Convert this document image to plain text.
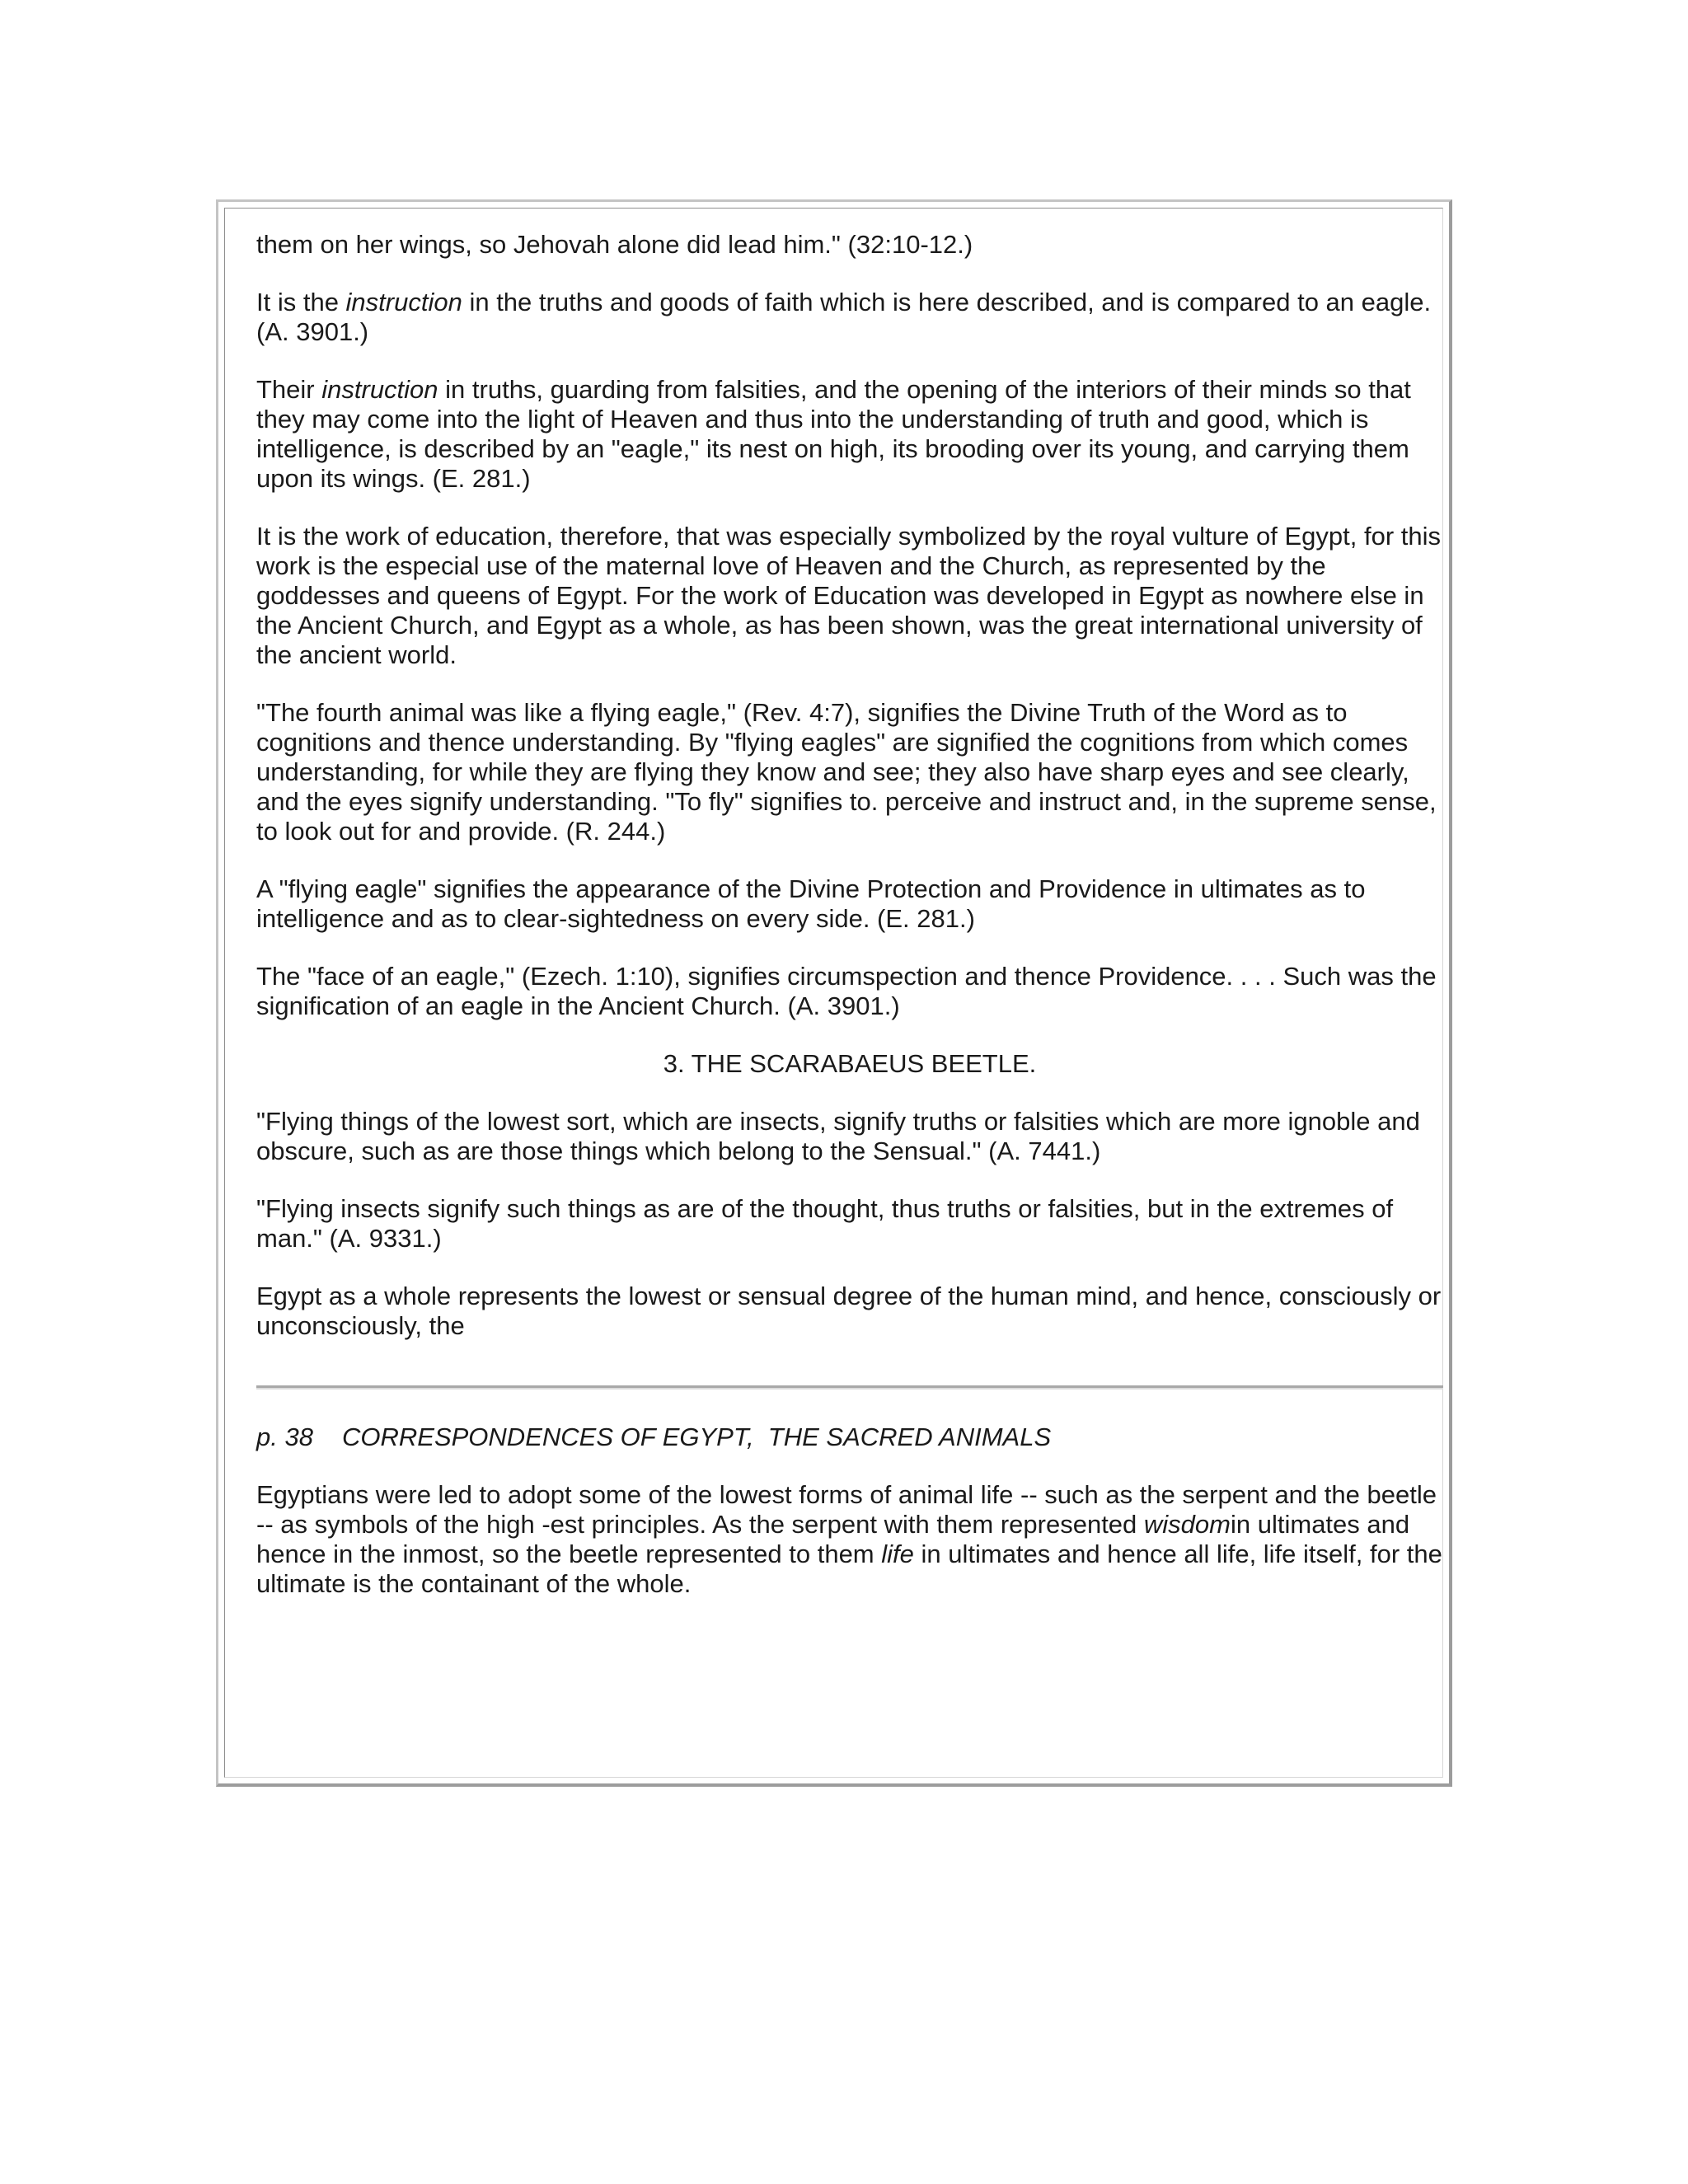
them on her wings, so Jehovah alone did lead him." (32:10-12.)

It is the instruction in the truths and goods of faith which is here described, and is compared to an eagle. (A. 3901.)

Their instruction in truths, guarding from falsities, and the opening of the interiors of their minds so that they may come into the light of Heaven and thus into the understanding of truth and good, which is intelligence, is described by an "eagle," its nest on high, its brooding over its young, and carrying them upon its wings. (E. 281.)

It is the work of education, therefore, that was especially symbolized by the royal vulture of Egypt, for this work is the especial use of the maternal love of Heaven and the Church, as represented by the goddesses and queens of Egypt. For the work of Education was developed in Egypt as nowhere else in the Ancient Church, and Egypt as a whole, as has been shown, was the great international university of the ancient world.

"The fourth animal was like a flying eagle," (Rev. 4:7), signifies the Divine Truth of the Word as to cognitions and thence understanding. By "flying eagles" are signified the cognitions from which comes understanding, for while they are flying they know and see; they also have sharp eyes and see clearly, and the eyes signify understanding. "To fly" signifies to. perceive and instruct and, in the supreme sense, to look out for and provide. (R. 244.)

A "flying eagle" signifies the appearance of the Divine Protection and Providence in ultimates as to intelligence and as to clear-sightedness on every side. (E. 281.)

The "face of an eagle," (Ezech. 1:10), signifies circumspection and thence Providence. . . . Such was the signification of an eagle in the Ancient Church. (A. 3901.)

3. THE SCARABAEUS BEETLE.

"Flying things of the lowest sort, which are insects, signify truths or falsities which are more ignoble and obscure, such as are those things which belong to the Sensual." (A. 7441.)

"Flying insects signify such things as are of the thought, thus truths or falsities, but in the extremes of man." (A. 9331.)

Egypt as a whole represents the lowest or sensual degree of the human mind, and hence, consciously or unconsciously, the

p. 38 CORRESPONDENCES OF EGYPT,  THE SACRED ANIMALS

Egyptians were led to adopt some of the lowest forms of animal life -- such as the serpent and the beetle -- as symbols of the high -est principles. As the serpent with them represented wisdomin ultimates and hence in the inmost, so the beetle represented to them life in ultimates and hence all life, life itself, for the ultimate is the containant of the whole.
